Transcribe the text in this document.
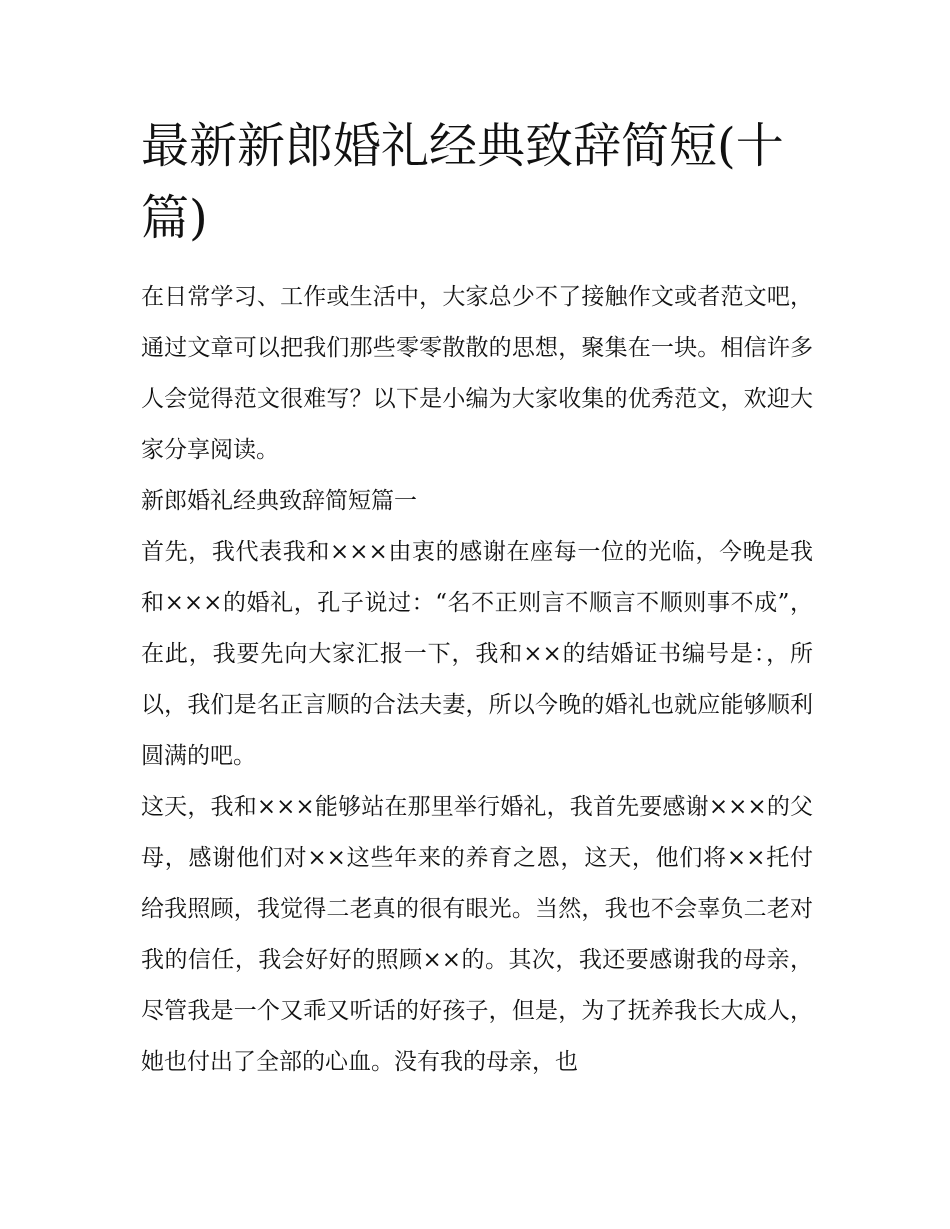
最新新郎婚礼经典致辞简短(十篇)

在日常学习、工作或生活中，大家总少不了接触作文或者范文吧，通过文章可以把我们那些零零散散的思想，聚集在一块。相信许多人会觉得范文很难写？以下是小编为大家收集的优秀范文，欢迎大家分享阅读。

新郎婚礼经典致辞简短篇一

首先，我代表我和×××由衷的感谢在座每一位的光临，今晚是我和×××的婚礼，孔子说过：“名不正则言不顺言不顺则事不成”，在此，我要先向大家汇报一下，我和××的结婚证书编号是：，所以，我们是名正言顺的合法夫妻，所以今晚的婚礼也就应能够顺利圆满的吧。

这天，我和×××能够站在那里举行婚礼，我首先要感谢×××的父母，感谢他们对××这些年来的养育之恩，这天，他们将××托付给我照顾，我觉得二老真的很有眼光。当然，我也不会辜负二老对我的信任，我会好好的照顾××的。其次，我还要感谢我的母亲，尽管我是一个又乖又听话的好孩子，但是，为了抚养我长大成人，她也付出了全部的心血。没有我的母亲，也
